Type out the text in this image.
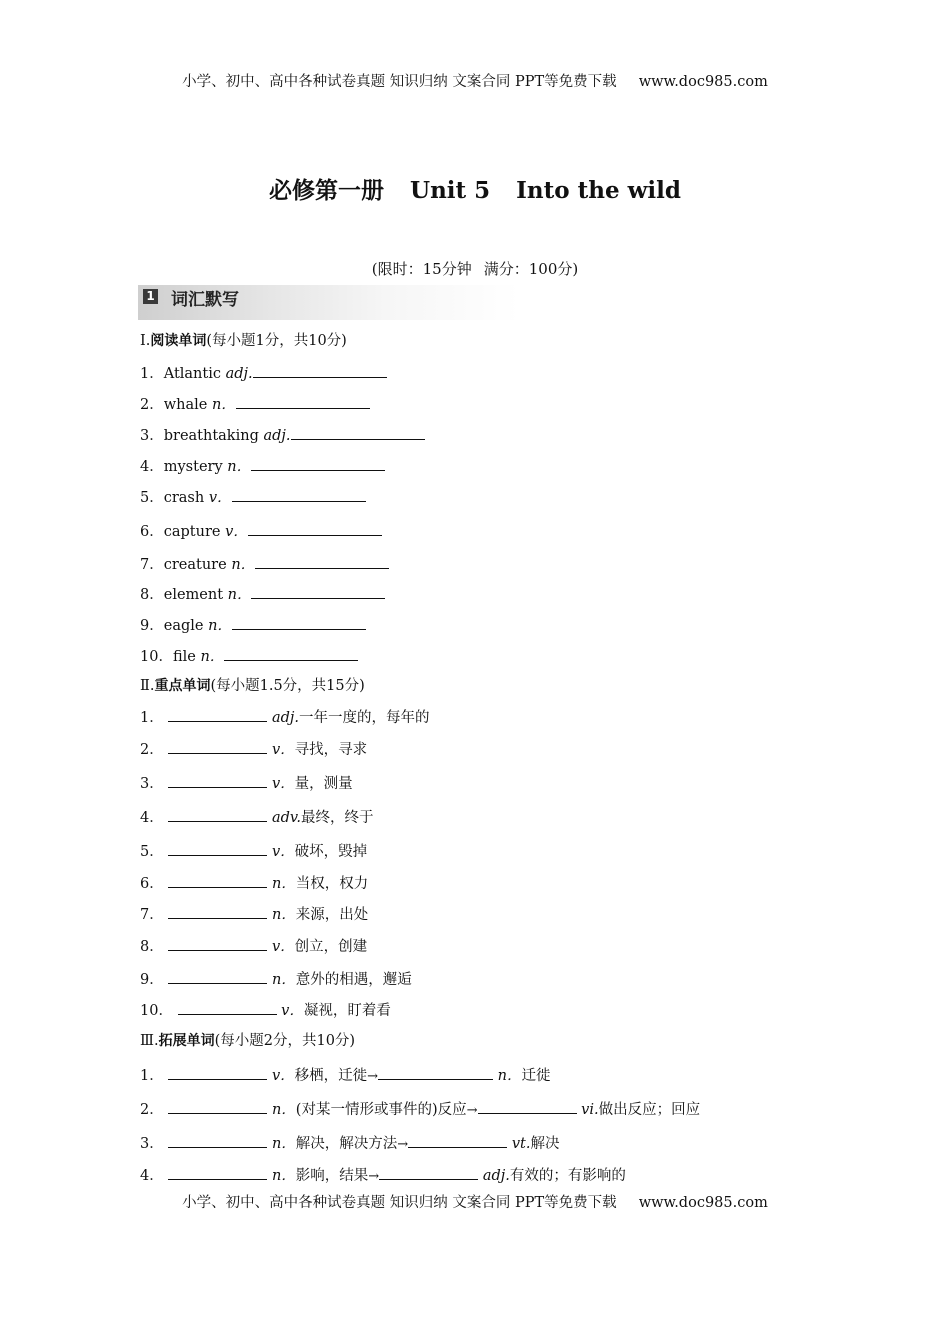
小学、初中、高中各种试卷真题 知识归纳 文案合同 PPT等免费下载 www.doc985.com
必修第一册 Unit 5 Into the wild
(限时：15分钟 满分：100分)
1 词汇默写
Ⅰ.阅读单词(每小题1分，共10分)
1．Atlantic adj.
2．whale n．
3．breathtaking adj.
4．mystery n．
5．crash v．
6．capture v．
7．creature n．
8．element n．
9．eagle n．
10．file n．
Ⅱ.重点单词(每小题1.5分，共15分)
1．	adj.一年一度的，每年的
2．	v．寻找，寻求
3．	v．量，测量
4．	adv.最终，终于
5．	v．破坏，毁掉
6．	n．当权，权力
7．	n．来源，出处
8．	v．创立，创建
9．	n．意外的相遇，邂逅
10．	v．凝视，盯着看
Ⅲ.拓展单词(每小题2分，共10分)
1．	v．移栖，迁徙→	n．迁徙
2．	n．(对某一情形或事件的)反应→	vi.做出反应；回应
3．	n．解决，解决方法→	vt.解决
4．	n．影响，结果→	adj.有效的；有影响的
小学、初中、高中各种试卷真题 知识归纳 文案合同 PPT等免费下载 www.doc985.com
